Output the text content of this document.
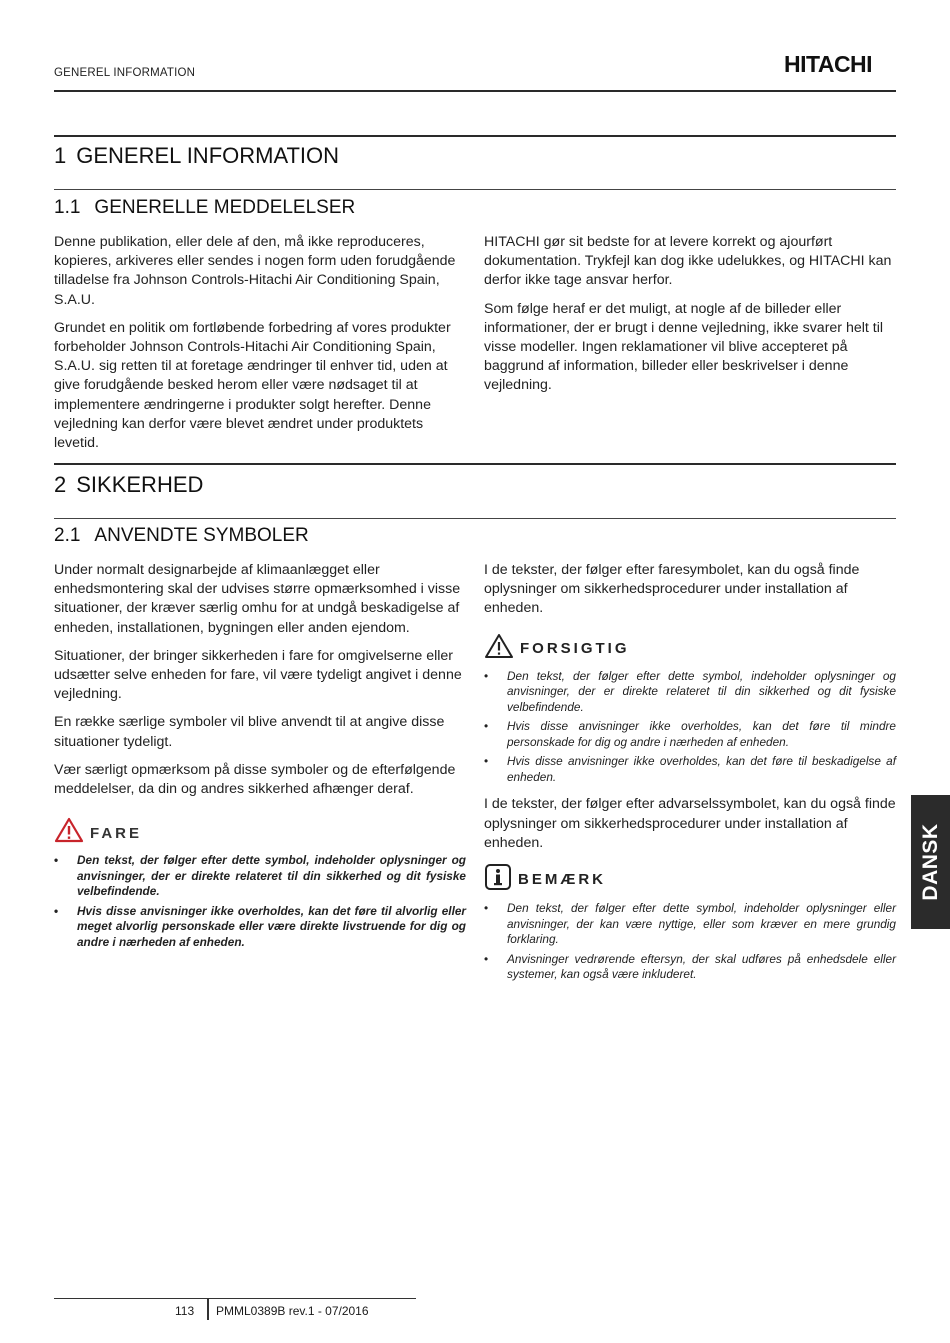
GENEREL INFORMATION	HITACHI
1 GENEREL INFORMATION
1.1 GENERELLE MEDDELELSER

Denne publikation, eller dele af den, må ikke reproduceres, kopieres, arkiveres eller sendes i nogen form uden forudgående tilladelse fra Johnson Controls-Hitachi Air Conditioning Spain, S.A.U.

Grundet en politik om fortløbende forbedring af vores produkter forbeholder Johnson Controls-Hitachi Air Conditioning Spain, S.A.U. sig retten til at foretage ændringer til enhver tid, uden at give forudgående besked herom eller være nødsaget til at implementere ændringerne i produkter solgt herefter. Denne vejledning kan derfor være blevet ændret under produktets levetid.

HITACHI gør sit bedste for at levere korrekt og ajourført dokumentation. Trykfejl kan dog ikke udelukkes, og HITACHI kan derfor ikke tage ansvar herfor.

Som følge heraf er det muligt, at nogle af de billeder eller informationer, der er brugt i denne vejledning, ikke svarer helt til visse modeller. Ingen reklamationer vil blive accepteret på baggrund af information, billeder eller beskrivelser i denne vejledning.

2 SIKKERHED
2.1 ANVENDTE SYMBOLER

Under normalt designarbejde af klimaanlægget eller enhedsmontering skal der udvises større opmærksomhed i visse situationer, der kræver særlig omhu for at undgå beskadigelse af enheden, installationen, bygningen eller anden ejendom.

Situationer, der bringer sikkerheden i fare for omgivelserne eller udsætter selve enheden for fare, vil være tydeligt angivet i denne vejledning.

En række særlige symboler vil blive anvendt til at angive disse situationer tydeligt.

Vær særligt opmærksom på disse symboler og de efterfølgende meddelelser, da din og andres sikkerhed afhænger deraf.

FARE
• Den tekst, der følger efter dette symbol, indeholder oplysninger og anvisninger, der er direkte relateret til din sikkerhed og dit fysiske velbefindende.
• Hvis disse anvisninger ikke overholdes, kan det føre til alvorlig eller meget alvorlig personskade eller være direkte livstruende for dig og andre i nærheden af enheden.

I de tekster, der følger efter faresymbolet, kan du også finde oplysninger om sikkerhedsprocedurer under installation af enheden.

FORSIGTIG
• Den tekst, der følger efter dette symbol, indeholder oplysninger og anvisninger, der er direkte relateret til din sikkerhed og dit fysiske velbefindende.
• Hvis disse anvisninger ikke overholdes, kan det føre til mindre personskade for dig og andre i nærheden af enheden.
• Hvis disse anvisninger ikke overholdes, kan det føre til beskadigelse af enheden.

I de tekster, der følger efter advarselssymbolet, kan du også finde oplysninger om sikkerhedsprocedurer under installation af enheden.

BEMÆRK
• Den tekst, der følger efter dette symbol, indeholder oplysninger eller anvisninger, der kan være nyttige, eller som kræver en mere grundig forklaring.
• Anvisninger vedrørende eftersyn, der skal udføres på enhedsdele eller systemer, kan også være inkluderet.
DANSK
113 PMML0389B rev.1 - 07/2016
